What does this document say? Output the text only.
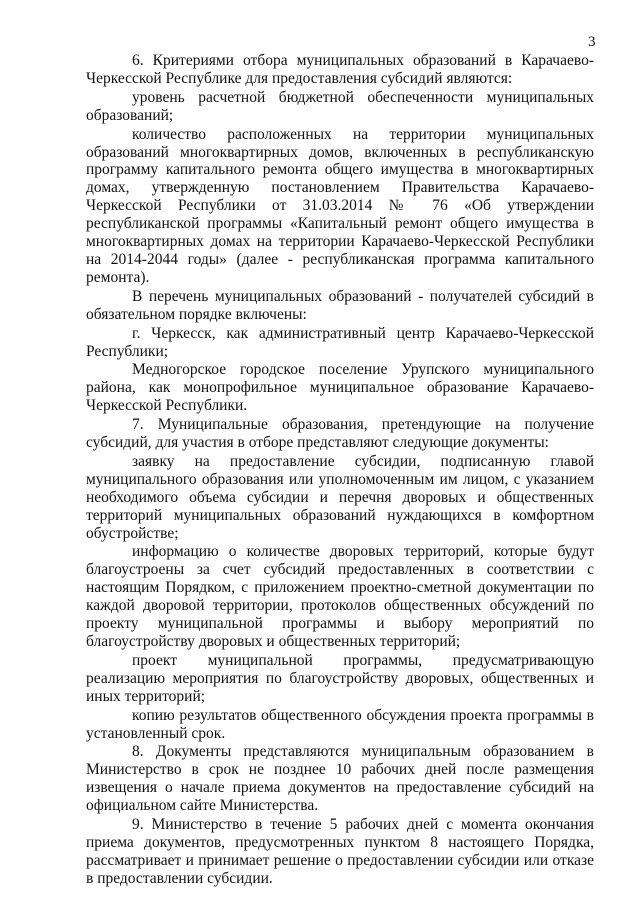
3

6. Критериями отбора муниципальных образований в Карачаево-Черкесской Республике для предоставления субсидий являются:

уровень расчетной бюджетной обеспеченности муниципальных образований;

количество расположенных на территории муниципальных образований многоквартирных домов, включенных в республиканскую программу капитального ремонта общего имущества в многоквартирных домах, утвержденную постановлением Правительства Карачаево-Черкесской Республики от 31.03.2014 № 76 «Об утверждении республиканской программы «Капитальный ремонт общего имущества в многоквартирных домах на территории Карачаево-Черкесской Республики на 2014-2044 годы» (далее - республиканская программа капитального ремонта).

В перечень муниципальных образований - получателей субсидий в обязательном порядке включены:

г. Черкесск, как административный центр Карачаево-Черкесской Республики;

Медногорское городское поселение Урупского муниципального района, как монопрофильное муниципальное образование Карачаево-Черкесской Республики.

7. Муниципальные образования, претендующие на получение субсидий, для участия в отборе представляют следующие документы:

заявку на предоставление субсидии, подписанную главой муниципального образования или уполномоченным им лицом, с указанием необходимого объема субсидии и перечня дворовых и общественных территорий муниципальных образований нуждающихся в комфортном обустройстве;

информацию о количестве дворовых территорий, которые будут благоустроены за счет субсидий предоставленных в соответствии с настоящим Порядком, с приложением проектно-сметной документации по каждой дворовой территории, протоколов общественных обсуждений по проекту муниципальной программы и выбору мероприятий по благоустройству дворовых и общественных территорий;

проект муниципальной программы, предусматривающую реализацию мероприятия по благоустройству дворовых, общественных и иных территорий;

копию результатов общественного обсуждения проекта программы в установленный срок.

8. Документы представляются муниципальным образованием в Министерство в срок не позднее 10 рабочих дней после размещения извещения о начале приема документов на предоставление субсидий на официальном сайте Министерства.

9. Министерство в течение 5 рабочих дней с момента окончания приема документов, предусмотренных пунктом 8 настоящего Порядка, рассматривает и принимает решение о предоставлении субсидии или отказе в предоставлении субсидии.
